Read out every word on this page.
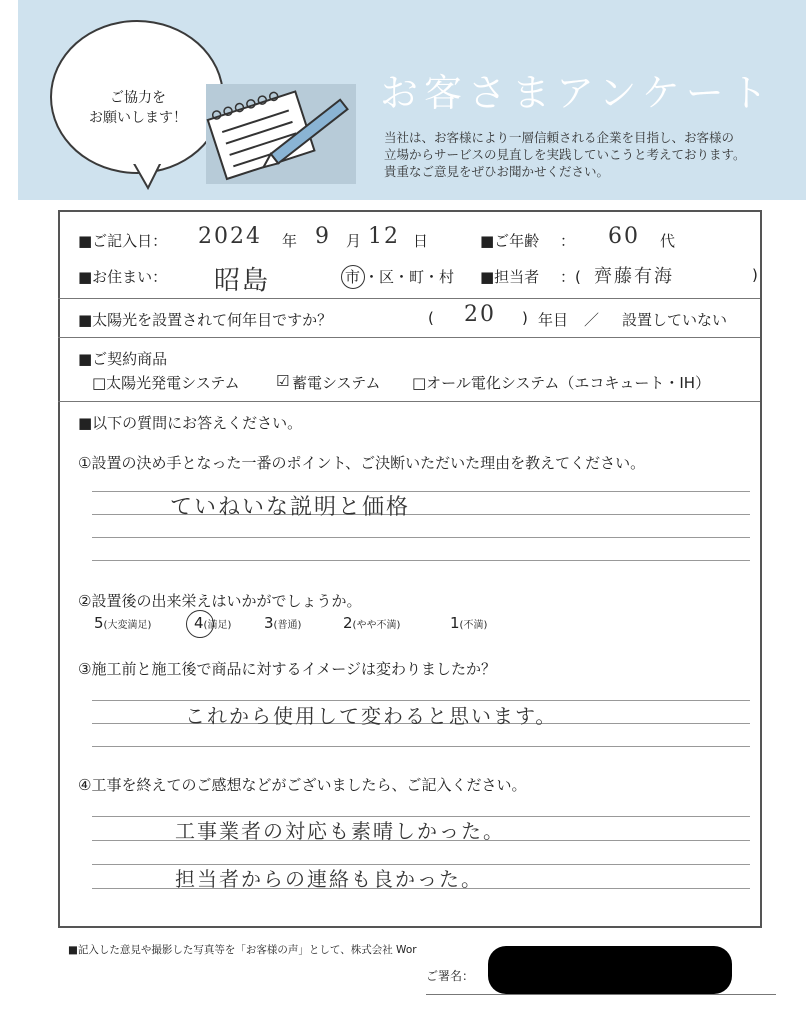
ご協力を
お願いします！
お客さまアンケート
当社は、お客様により一層信頼される企業を目指し、お客様の
立場からサービスの見直しを実践していこうと考えております。
貴重なご意見をぜひお聞かせください。
■ご記入日： 2024 年 9 月 12 日	■ご年齢 ： 60 代
■お住まい： 昭島	市 ・区・町・村 ■担当者 ：( 齊藤有海	)
■太陽光を設置されて何年目ですか？	( 20 ) 年目 ／ 設置していない
■ご契約商品
□太陽光発電システム ☑ 蓄電システム □オール電化システム（エコキュート・IH）
■以下の質問にお答えください。
①設置の決め手となった一番のポイント、ご決断いただいた理由を教えてください。
ていねいな説明と価格
②設置後の出来栄えはいかがでしょうか。
5(大変満足)	4(満足) 3(普通)	2(やや不満)	1(不満)
③施工前と施工後で商品に対するイメージは変わりましたか？
これから使用して変わると思います。
④工事を終えてのご感想などがございましたら、ご記入ください。
工事業者の対応も素晴しかった。
担当者からの連絡も良かった。
■記入した意見や撮影した写真等を「お客様の声」として、株式会社 Wor
ご署名：
